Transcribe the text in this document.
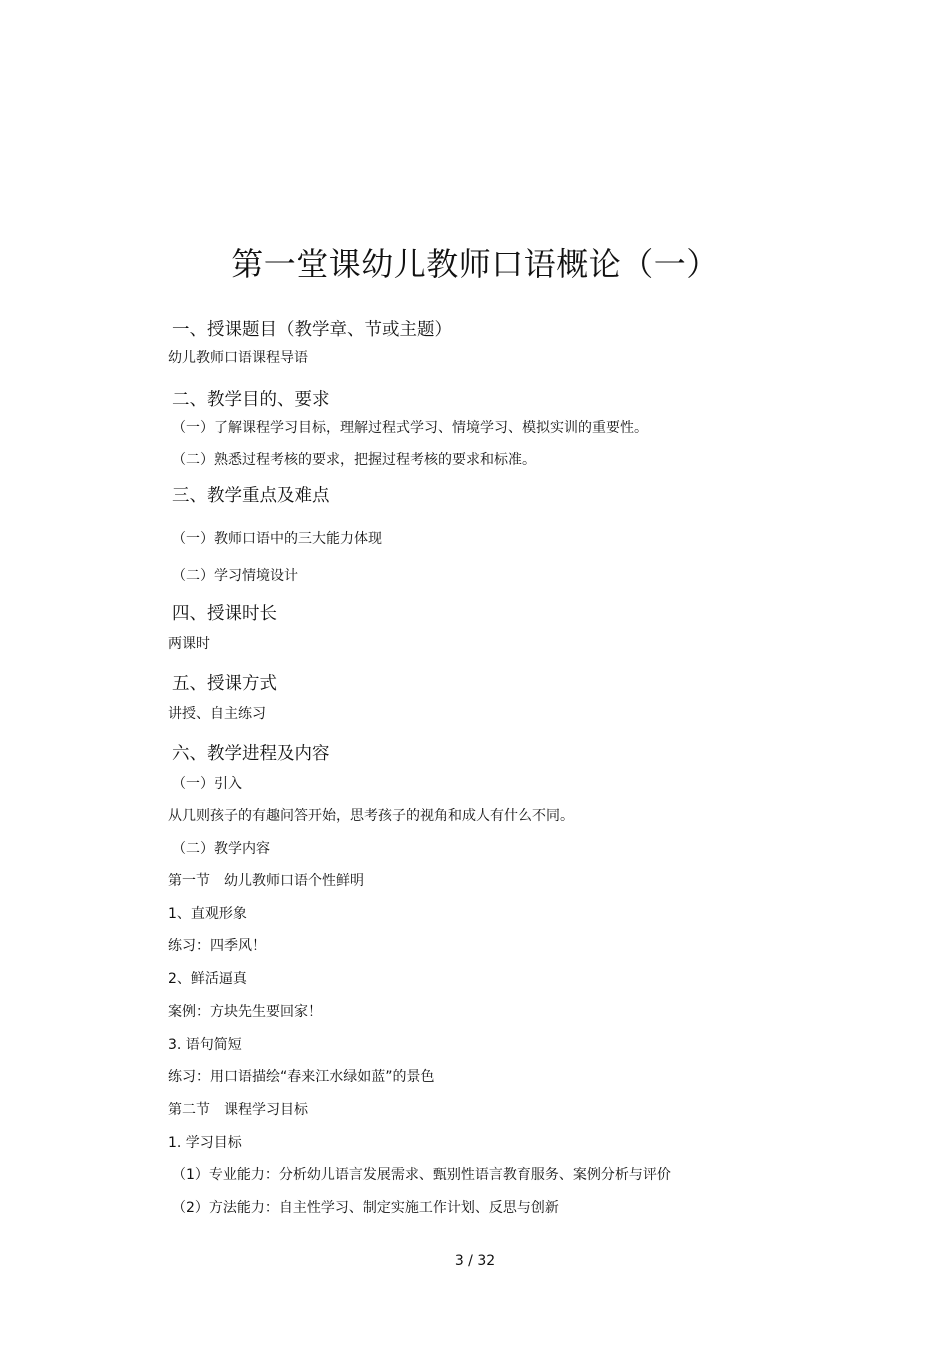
第一堂课幼儿教师口语概论（一）
一、授课题目（教学章、节或主题）
幼儿教师口语课程导语
二、教学目的、要求
（一）了解课程学习目标，理解过程式学习、情境学习、模拟实训的重要性。
（二）熟悉过程考核的要求，把握过程考核的要求和标准。
三、教学重点及难点
（一）教师口语中的三大能力体现
（二）学习情境设计
四、授课时长
两课时
五、授课方式
讲授、自主练习
六、教学进程及内容
（一）引入
从几则孩子的有趣问答开始，思考孩子的视角和成人有什么不同。
（二）教学内容
第一节　幼儿教师口语个性鲜明
1、直观形象
练习：四季风！
2、鲜活逼真
案例：方块先生要回家！
3. 语句简短
练习：用口语描绘“春来江水绿如蓝”的景色
第二节　课程学习目标
1. 学习目标
（1）专业能力：分析幼儿语言发展需求、甄别性语言教育服务、案例分析与评价
（2）方法能力：自主性学习、制定实施工作计划、反思与创新
3 / 32
